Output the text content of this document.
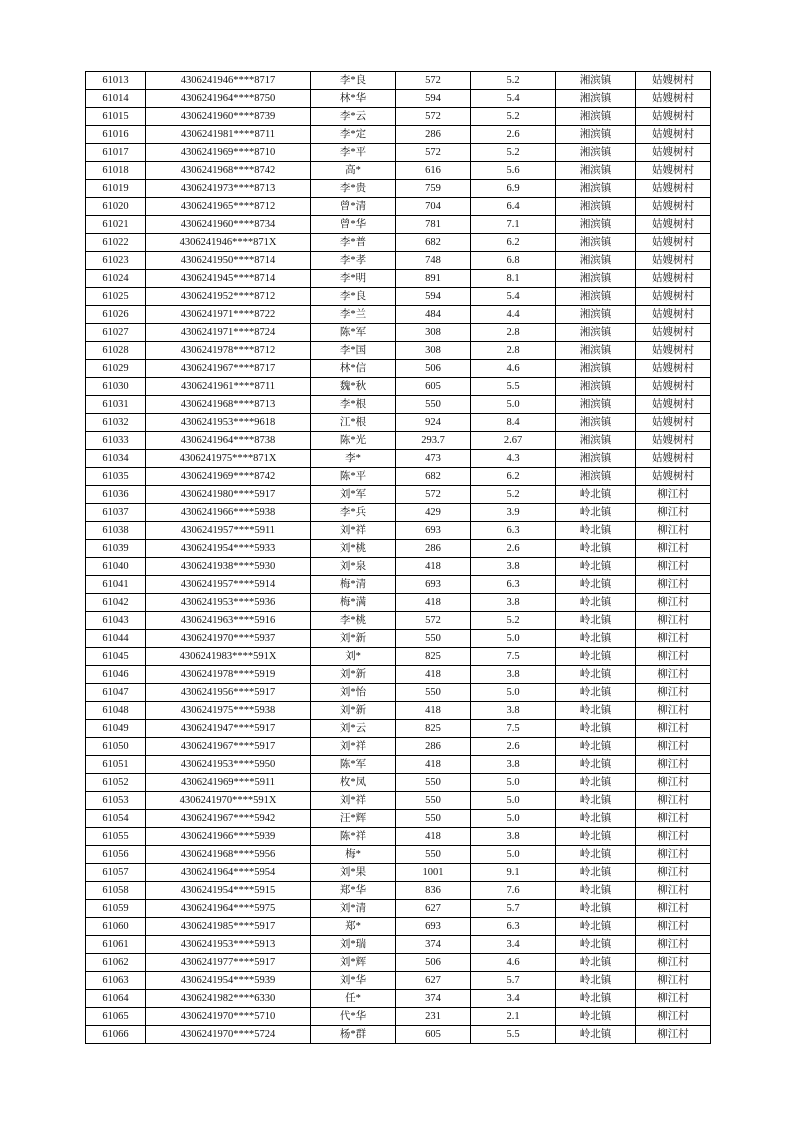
61013	4306241946****8717	李*良	572	5.2	湘滨镇	姑嫂树村
61014	4306241964****8750	林*华	594	5.4	湘滨镇	姑嫂树村
61015	4306241960****8739	李*云	572	5.2	湘滨镇	姑嫂树村
61016	4306241981****8711	李*定	286	2.6	湘滨镇	姑嫂树村
61017	4306241969****8710	李*平	572	5.2	湘滨镇	姑嫂树村
61018	4306241968****8742	高*	616	5.6	湘滨镇	姑嫂树村
61019	4306241973****8713	李*贵	759	6.9	湘滨镇	姑嫂树村
61020	4306241965****8712	曾*清	704	6.4	湘滨镇	姑嫂树村
61021	4306241960****8734	曾*华	781	7.1	湘滨镇	姑嫂树村
61022	4306241946****871X	李*普	682	6.2	湘滨镇	姑嫂树村
61023	4306241950****8714	李*孝	748	6.8	湘滨镇	姑嫂树村
61024	4306241945****8714	李*明	891	8.1	湘滨镇	姑嫂树村
61025	4306241952****8712	李*良	594	5.4	湘滨镇	姑嫂树村
61026	4306241971****8722	李*兰	484	4.4	湘滨镇	姑嫂树村
61027	4306241971****8724	陈*军	308	2.8	湘滨镇	姑嫂树村
61028	4306241978****8712	李*国	308	2.8	湘滨镇	姑嫂树村
61029	4306241967****8717	林*信	506	4.6	湘滨镇	姑嫂树村
61030	4306241961****8711	魏*秋	605	5.5	湘滨镇	姑嫂树村
61031	4306241968****8713	李*根	550	5.0	湘滨镇	姑嫂树村
61032	4306241953****9618	江*根	924	8.4	湘滨镇	姑嫂树村
61033	4306241964****8738	陈*光	293.7	2.67	湘滨镇	姑嫂树村
61034	4306241975****871X	李*	473	4.3	湘滨镇	姑嫂树村
61035	4306241969****8742	陈*平	682	6.2	湘滨镇	姑嫂树村
61036	4306241980****5917	刘*军	572	5.2	岭北镇	柳江村
61037	4306241966****5938	李*兵	429	3.9	岭北镇	柳江村
61038	4306241957****5911	刘*祥	693	6.3	岭北镇	柳江村
61039	4306241954****5933	刘*桃	286	2.6	岭北镇	柳江村
61040	4306241938****5930	刘*泉	418	3.8	岭北镇	柳江村
61041	4306241957****5914	梅*清	693	6.3	岭北镇	柳江村
61042	4306241953****5936	梅*满	418	3.8	岭北镇	柳江村
61043	4306241963****5916	李*桃	572	5.2	岭北镇	柳江村
61044	4306241970****5937	刘*新	550	5.0	岭北镇	柳江村
61045	4306241983****591X	刘*	825	7.5	岭北镇	柳江村
61046	4306241978****5919	刘*新	418	3.8	岭北镇	柳江村
61047	4306241956****5917	刘*怡	550	5.0	岭北镇	柳江村
61048	4306241975****5938	刘*新	418	3.8	岭北镇	柳江村
61049	4306241947****5917	刘*云	825	7.5	岭北镇	柳江村
61050	4306241967****5917	刘*祥	286	2.6	岭北镇	柳江村
61051	4306241953****5950	陈*军	418	3.8	岭北镇	柳江村
61052	4306241969****5911	枚*凤	550	5.0	岭北镇	柳江村
61053	4306241970****591X	刘*祥	550	5.0	岭北镇	柳江村
61054	4306241967****5942	汪*辉	550	5.0	岭北镇	柳江村
61055	4306241966****5939	陈*祥	418	3.8	岭北镇	柳江村
61056	4306241968****5956	梅*	550	5.0	岭北镇	柳江村
61057	4306241964****5954	刘*果	1001	9.1	岭北镇	柳江村
61058	4306241954****5915	郑*华	836	7.6	岭北镇	柳江村
61059	4306241964****5975	刘*清	627	5.7	岭北镇	柳江村
61060	4306241985****5917	郑*	693	6.3	岭北镇	柳江村
61061	4306241953****5913	刘*瑞	374	3.4	岭北镇	柳江村
61062	4306241977****5917	刘*辉	506	4.6	岭北镇	柳江村
61063	4306241954****5939	刘*华	627	5.7	岭北镇	柳江村
61064	4306241982****6330	任*	374	3.4	岭北镇	柳江村
61065	4306241970****5710	代*华	231	2.1	岭北镇	柳江村
61066	4306241970****5724	杨*群	605	5.5	岭北镇	柳江村
